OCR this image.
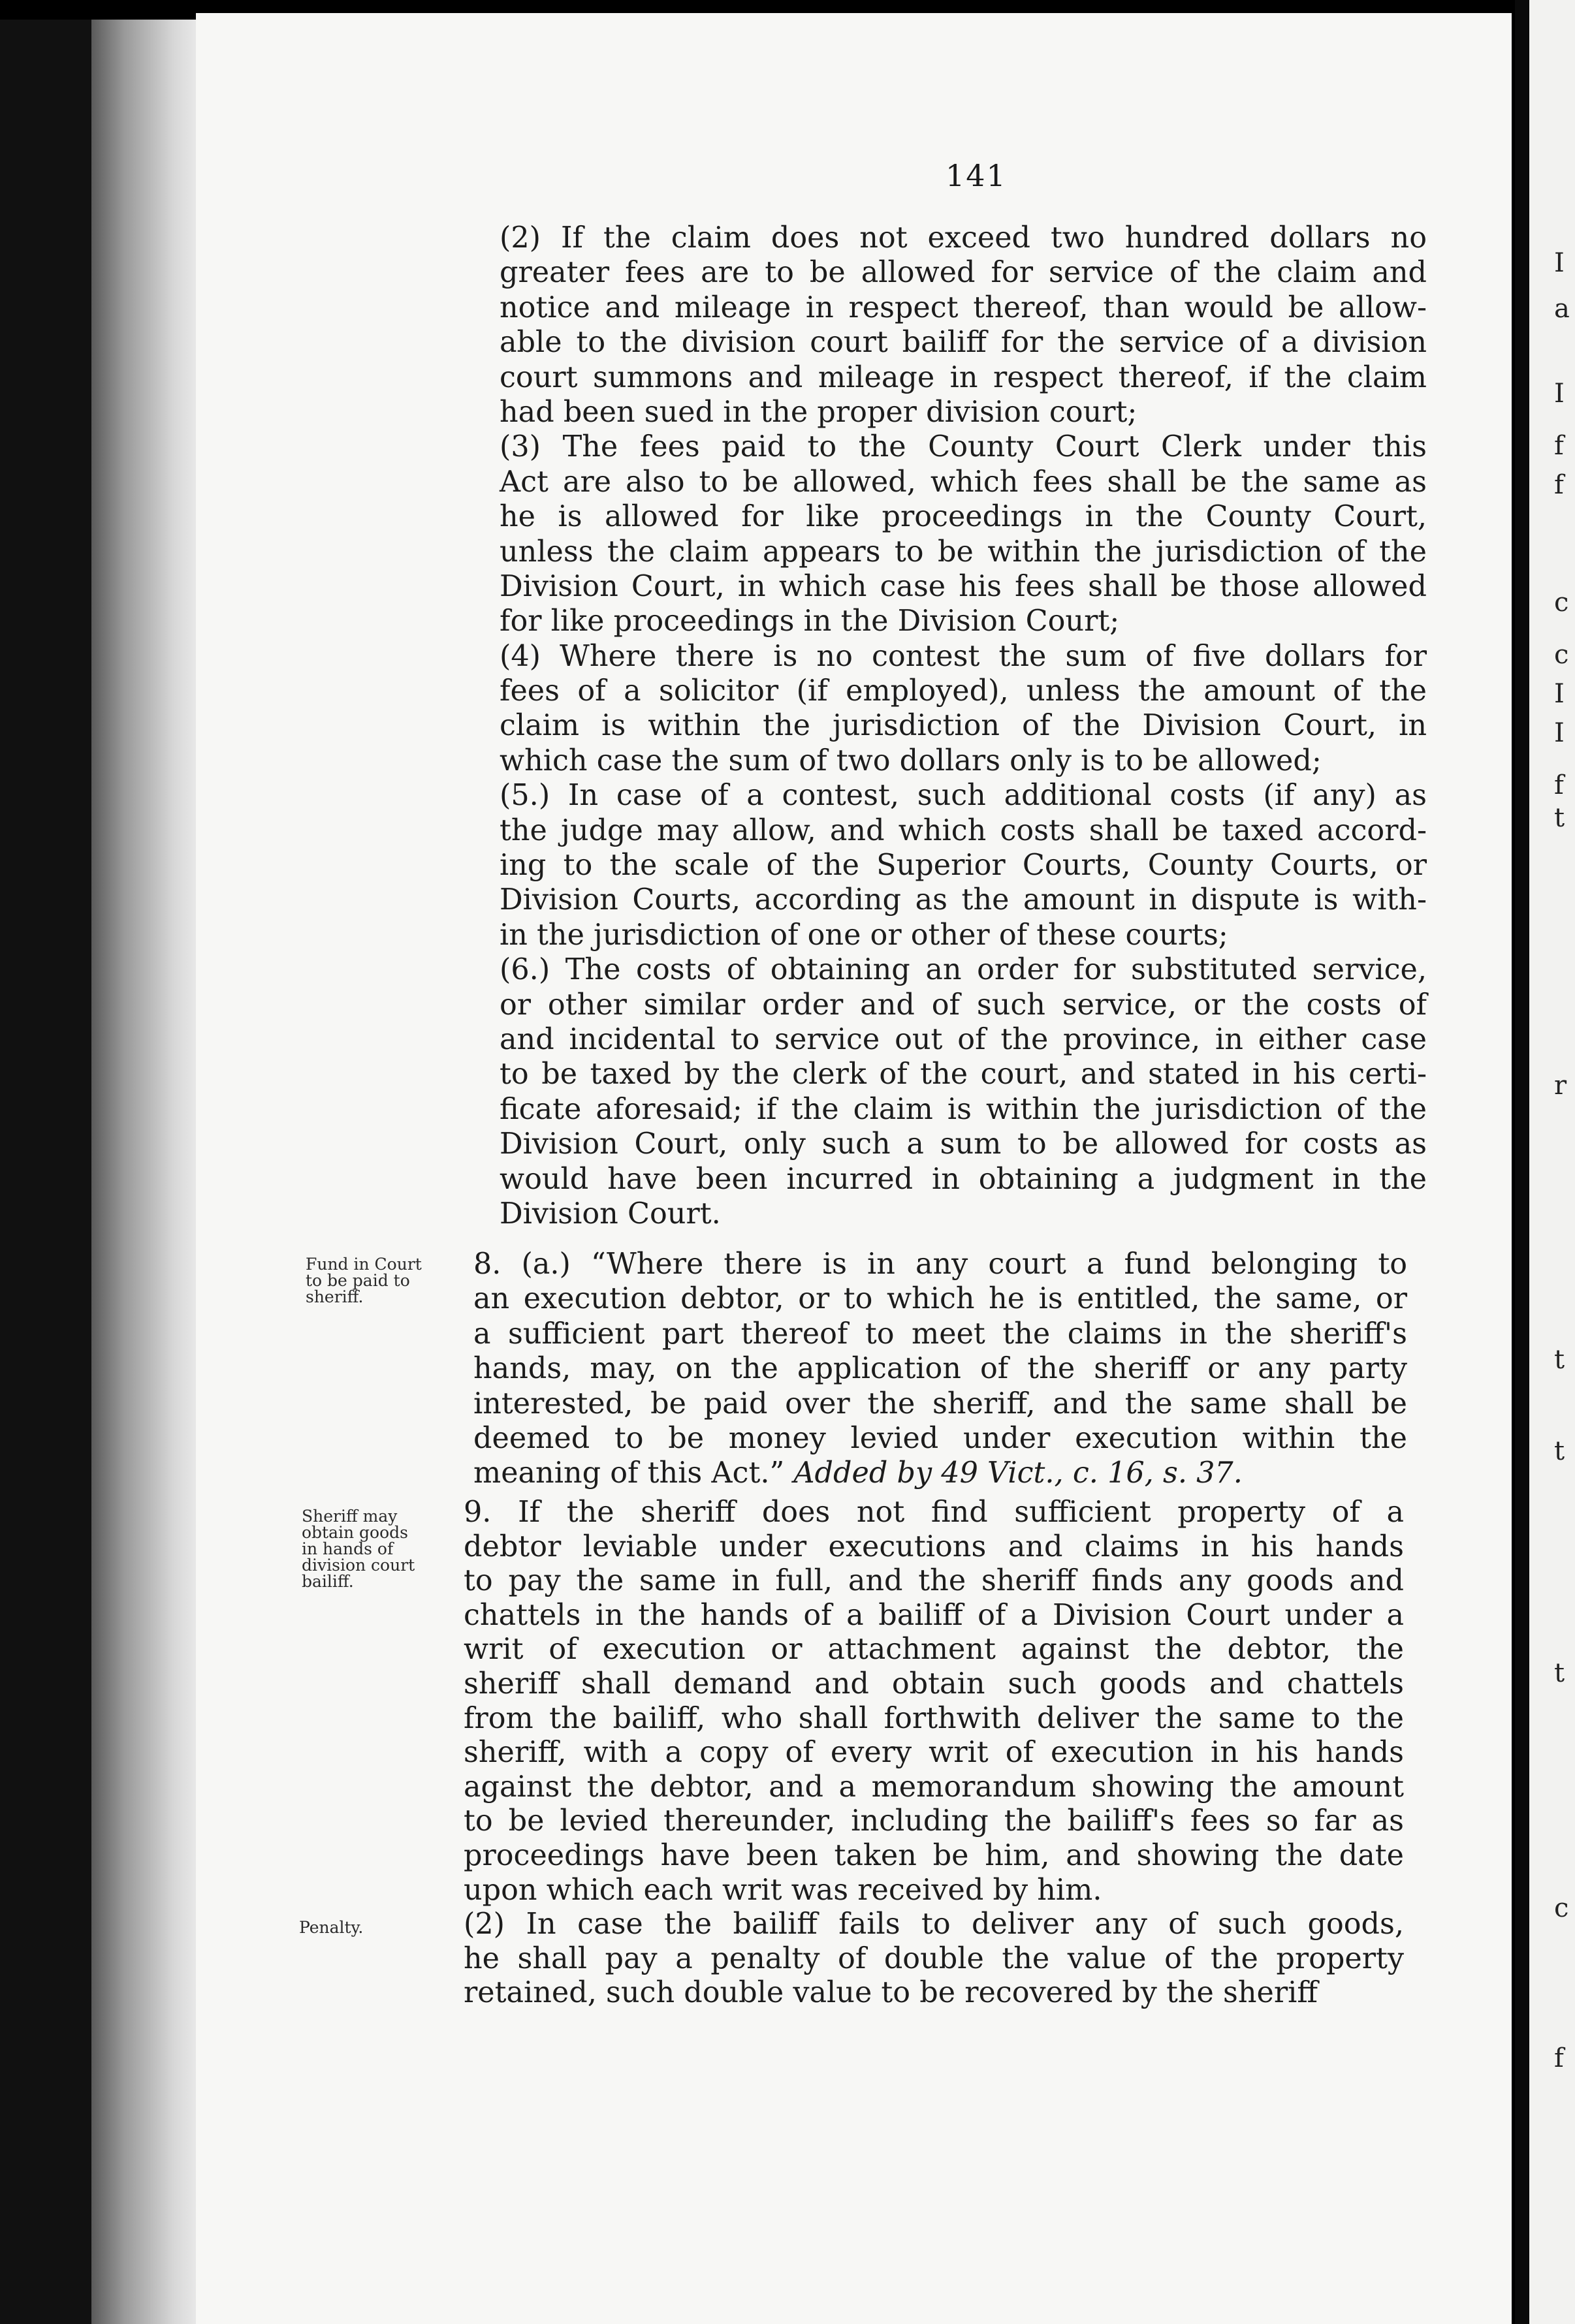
I
a
I
f
f
c
c
I
I
f
t
r
t
t
t
c
f
141
(2) If the claim does not exceed two hundred dollars no
greater fees are to be allowed for service of the claim and
notice and mileage in respect thereof, than would be allow-
able to the division court bailiff for the service of a division
court summons and mileage in respect thereof, if the claim
had been sued in the proper division court;
(3) The fees paid to the County Court Clerk under this
Act are also to be allowed, which fees shall be the same as
he is allowed for like proceedings in the County Court,
unless the claim appears to be within the jurisdiction of the
Division Court, in which case his fees shall be those allowed
for like proceedings in the Division Court;
(4) Where there is no contest the sum of five dollars for
fees of a solicitor (if employed), unless the amount of the
claim is within the jurisdiction of the Division Court, in
which case the sum of two dollars only is to be allowed;
(5.) In case of a contest, such additional costs (if any) as
the judge may allow, and which costs shall be taxed accord-
ing to the scale of the Superior Courts, County Courts, or
Division Courts, according as the amount in dispute is with-
in the jurisdiction of one or other of these courts;
(6.) The costs of obtaining an order for substituted service,
or other similar order and of such service, or the costs of
and incidental to service out of the province, in either case
to be taxed by the clerk of the court, and stated in his certi-
ficate aforesaid; if the claim is within the jurisdiction of the
Division Court, only such a sum to be allowed for costs as
would have been incurred in obtaining a judgment in the
Division Court.
Fund in Court
to be paid to
sheriff.
8. (a.) “Where there is in any court a fund belonging to
an execution debtor, or to which he is entitled, the same, or
a sufficient part thereof to meet the claims in the sheriff's
hands, may, on the application of the sheriff or any party
interested, be paid over the sheriff, and the same shall be
deemed to be money levied under execution within the
meaning of this Act.” Added by 49 Vict., c. 16, s. 37.
Sheriff may
obtain goods
in hands of
division court
bailiff.
9. If the sheriff does not find sufficient property of a
debtor leviable under executions and claims in his hands
to pay the same in full, and the sheriff finds any goods and
chattels in the hands of a bailiff of a Division Court under a
writ of execution or attachment against the debtor, the
sheriff shall demand and obtain such goods and chattels
from the bailiff, who shall forthwith deliver the same to the
sheriff, with a copy of every writ of execution in his hands
against the debtor, and a memorandum showing the amount
to be levied thereunder, including the bailiff's fees so far as
proceedings have been taken be him, and showing the date
upon which each writ was received by him.
(2) In case the bailiff fails to deliver any of such goods,
he shall pay a penalty of double the value of the property
retained, such double value to be recovered by the sheriff
Penalty.
